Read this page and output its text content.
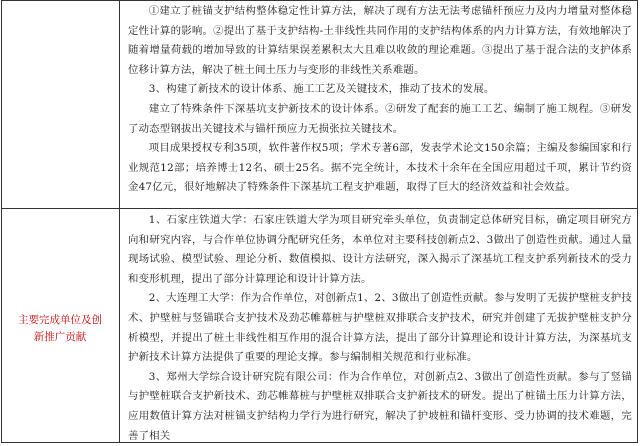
①建立了桩锚支护结构整体稳定性计算方法，解决了现有方法无法考虑锚杆预应力及内力增量对整体稳定性计算的影响。②提出了基于支护结构-土非线性共同作用的支护结构体系的内力计算方法，有效地解决了随着增量荷载的增加导致的计算结果误差累积太大且难以收敛的理论难题。③提出了基于混合法的支护体系位移计算方法，解决了桩土间土压力与变形的非线性关系难题。

3、构建了新技术的设计体系、施工工艺及关键技术，推动了技术的发展。

建立了特殊条件下深基坑支护新技术的设计体系。②研发了配套的施工工艺、编制了施工规程。③研发了动态型钢拔出关键技术与锚杆预应力无损张拉关键技术。

项目成果授权专利35项，软件著作权5项；学术专著6部，发表学术论文150余篇；主编及参编国家和行业规范12部；培养博士12名、硕士25名。据不完全统计，本技术十余年在全国应用超过千项，累计节约资金47亿元，很好地解决了特殊条件下深基坑工程支护难题，取得了巨大的经济效益和社会效益。

主要完成单位及创
新推广贡献

1、石家庄铁道大学：石家庄铁道大学为项目研究牵头单位，负责制定总体研究目标，确定项目研究方向和研究内容，与合作单位协调分配研究任务，本单位对主要科技创新点2、3做出了创造性贡献。通过人量现场试验、模型试验、理论分析、数值模拟、设计方法研究，深入揭示了深基坑工程支护系列新技术的受力和变形机理，提出了部分计算理论和设计计算方法。

2、大连理工大学：作为合作单位，对创新点1、2、3做出了创造性贡献。参与发明了无拔护壁桩支护技术、护壁桩与竖锚联合支护技术及劲芯帷幕桩与护壁桩双排联合支护技术，研究并创建了无拔护壁桩支护分析模型，并提出了桩土非线性相互作用的混合计算方法，提出了部分计算理论和设计计算方法，为深基坑支护新技术计算方法提供了重要的理论支撑。参与编制相关规范和行业标准。

3、郑州大学综合设计研究院有限公司：作为合作单位，对创新点2、3做出了创造性贡献。参与了竖锚与护壁桩联合支护新技术、劲芯帷幕桩与护壁桩双排联合支护新技术的研发。提出了桩锚土压力计算方法，应用数值计算方法对桩锚支护结构力学行为进行研究，解决了护坡桩和锚杆变形、受力协调的技术难题，完善了相关
